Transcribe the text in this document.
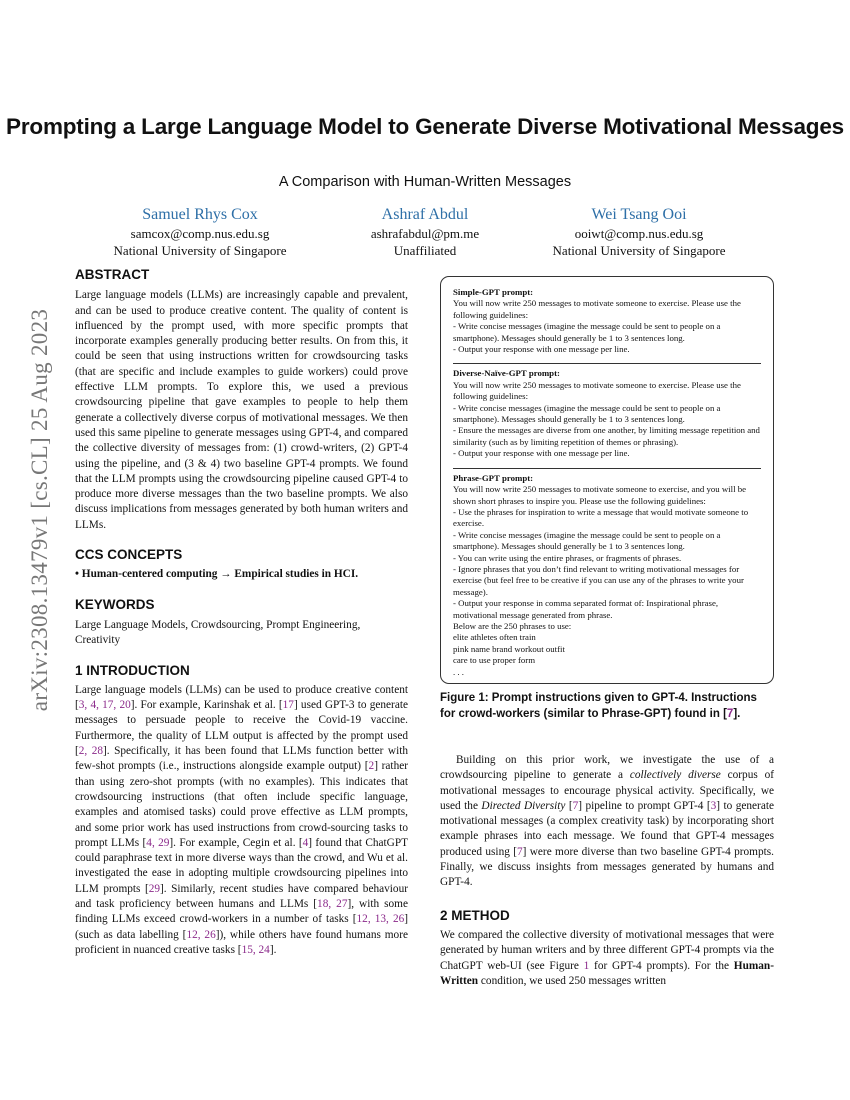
arXiv:2308.13479v1 [cs.CL] 25 Aug 2023
Prompting a Large Language Model to Generate Diverse Motivational Messages
A Comparison with Human-Written Messages
Samuel Rhys Cox
samcox@comp.nus.edu.sg
National University of Singapore
Ashraf Abdul
ashrafabdul@pm.me
Unaffiliated
Wei Tsang Ooi
ooiwt@comp.nus.edu.sg
National University of Singapore
ABSTRACT

Large language models (LLMs) are increasingly capable and prevalent, and can be used to produce creative content. The quality of content is influenced by the prompt used, with more specific prompts that incorporate examples generally producing better results. On from this, it could be seen that using instructions written for crowdsourcing tasks (that are specific and include examples to guide workers) could prove effective LLM prompts. To explore this, we used a previous crowdsourcing pipeline that gave examples to people to help them generate a collectively diverse corpus of motivational messages. We then used this same pipeline to generate messages using GPT-4, and compared the collective diversity of messages from: (1) crowd-writers, (2) GPT-4 using the pipeline, and (3 & 4) two baseline GPT-4 prompts. We found that the LLM prompts using the crowdsourcing pipeline caused GPT-4 to produce more diverse messages than the two baseline prompts. We also discuss implications from messages generated by both human writers and LLMs.

CCS CONCEPTS

• Human-centered computing → Empirical studies in HCI.

KEYWORDS

Large Language Models, Crowdsourcing, Prompt Engineering, Creativity

1 INTRODUCTION

Large language models (LLMs) can be used to produce creative content [3, 4, 17, 20]. For example, Karinshak et al. [17] used GPT-3 to generate messages to persuade people to receive the Covid-19 vaccine. Furthermore, the quality of LLM output is affected by the prompt used [2, 28]. Specifically, it has been found that LLMs function better with few-shot prompts (i.e., instructions alongside example output) [2] rather than using zero-shot prompts (with no examples). This indicates that crowdsourcing instructions (that often include specific language, examples and atomised tasks) could prove effective as LLM prompts, and some prior work has used instructions from crowd-sourcing tasks to prompt LLMs [4, 29]. For example, Cegin et al. [4] found that ChatGPT could paraphrase text in more diverse ways than the crowd, and Wu et al. investigated the ease in adopting multiple crowdsourcing pipelines into LLM prompts [29]. Similarly, recent studies have compared behaviour and task proficiency between humans and LLMs [18, 27], with some finding LLMs exceed crowd-workers in a number of tasks [12, 13, 26] (such as data labelling [12, 26]), while others have found humans more proficient in nuanced creative tasks [15, 24].

Simple-GPT prompt:
You will now write 250 messages to motivate someone to exercise. Please use the following guidelines:
- Write concise messages (imagine the message could be sent to people on a smartphone). Messages should generally be 1 to 3 sentences long.
- Output your response with one message per line.
Diverse-Naïve-GPT prompt:
You will now write 250 messages to motivate someone to exercise. Please use the following guidelines:
- Write concise messages (imagine the message could be sent to people on a smartphone). Messages should generally be 1 to 3 sentences long.
- Ensure the messages are diverse from one another, by limiting message repetition and similarity (such as by limiting repetition of themes or phrasing).
- Output your response with one message per line.
Phrase-GPT prompt:
You will now write 250 messages to motivate someone to exercise, and you will be shown short phrases to inspire you. Please use the following guidelines:
- Use the phrases for inspiration to write a message that would motivate someone to exercise.
- Write concise messages (imagine the message could be sent to people on a smartphone). Messages should generally be 1 to 3 sentences long.
- You can write using the entire phrases, or fragments of phrases.
- Ignore phrases that you don’t find relevant to writing motivational messages for exercise (but feel free to be creative if you can use any of the phrases to write your message).
- Output your response in comma separated format of: Inspirational phrase, motivational message generated from phrase.
Below are the 250 phrases to use:
elite athletes often train
pink name brand workout outfit
care to use proper form
. . .
Figure 1: Prompt instructions given to GPT-4. Instructions for crowd-workers (similar to Phrase-GPT) found in [7].

Building on this prior work, we investigate the use of a crowdsourcing pipeline to generate a collectively diverse corpus of motivational messages to encourage physical activity. Specifically, we used the Directed Diversity [7] pipeline to prompt GPT-4 [3] to generate motivational messages (a complex creativity task) by incorporating short example phrases into each message. We found that GPT-4 messages produced using [7] were more diverse than two baseline GPT-4 prompts. Finally, we discuss insights from messages generated by humans and GPT-4.

2 METHOD

We compared the collective diversity of motivational messages that were generated by human writers and by three different GPT-4 prompts via the ChatGPT web-UI (see Figure 1 for GPT-4 prompts). For the Human-Written condition, we used 250 messages written
